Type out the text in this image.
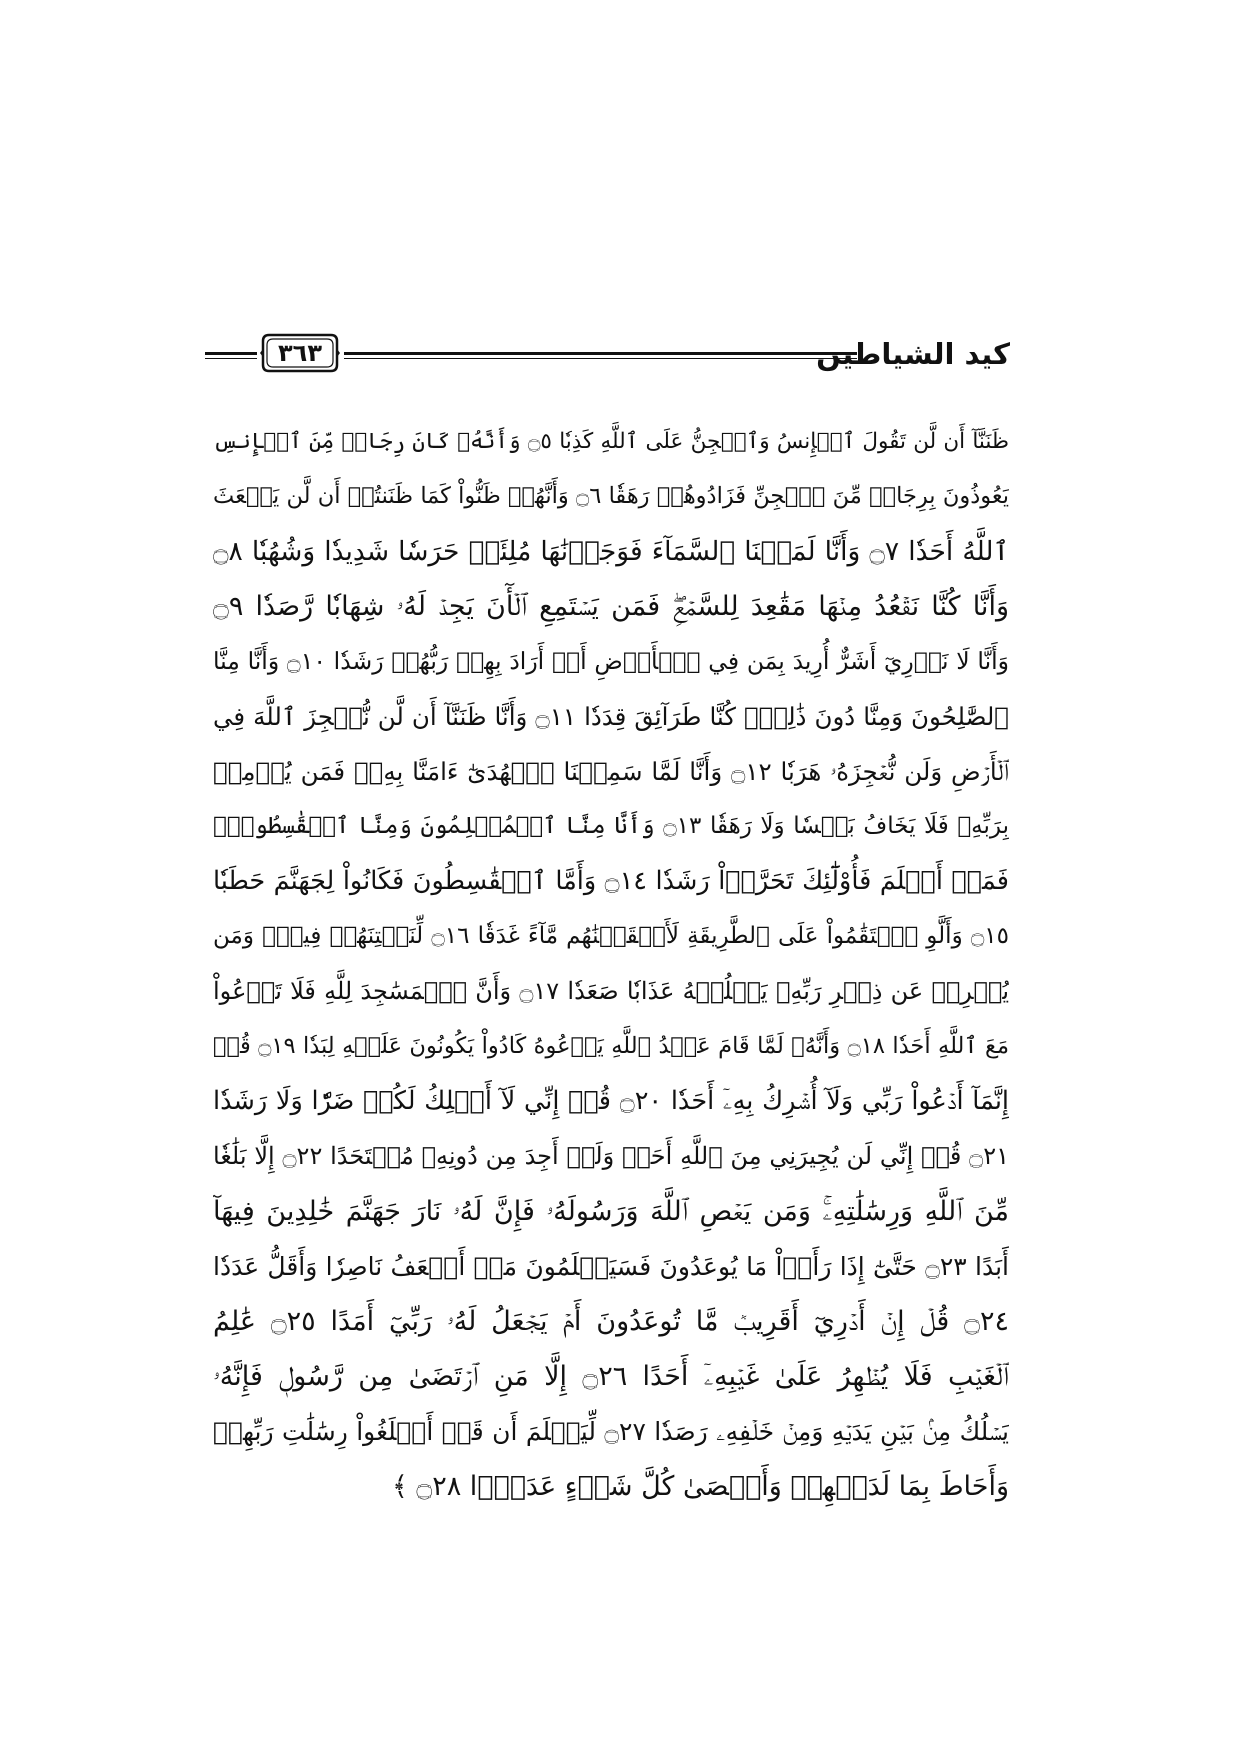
٣٦٣	كيد الشياطين
ظَنَنَّآ أَن لَّن تَقُولَ ٱلۡإِنسُ وَٱلۡجِنُّ عَلَى ٱللَّهِ كَذِبٗا ۝٥ وَأَنَّهُۥ كَانَ رِجَالٞ مِّنَ ٱلۡإِنسِ
يَعُوذُونَ بِرِجَالٖ مِّنَ ٱلۡجِنِّ فَزَادُوهُمۡ رَهَقٗا ۝٦ وَأَنَّهُمۡ ظَنُّواْ كَمَا ظَنَنتُمۡ أَن لَّن يَبۡعَثَ
ٱللَّهُ أَحَدٗا ۝٧ وَأَنَّا لَمَسۡنَا ٱلسَّمَآءَ فَوَجَدۡنَٰهَا مُلِئَتۡ حَرَسٗا شَدِيدٗا وَشُهُبٗا ۝٨
وَأَنَّا كُنَّا نَقۡعُدُ مِنۡهَا مَقَٰعِدَ لِلسَّمۡعِۖ فَمَن يَسۡتَمِعِ ٱلۡأٓنَ يَجِدۡ لَهُۥ شِهَابٗا رَّصَدٗا ۝٩
وَأَنَّا لَا نَدۡرِيٓ أَشَرٌّ أُرِيدَ بِمَن فِي ٱلۡأَرۡضِ أَمۡ أَرَادَ بِهِمۡ رَبُّهُمۡ رَشَدٗا ۝١٠ وَأَنَّا مِنَّا
ٱلصَّٰلِحُونَ وَمِنَّا دُونَ ذَٰلِكَۖ كُنَّا طَرَآئِقَ قِدَدٗا ۝١١ وَأَنَّا ظَنَنَّآ أَن لَّن نُّعۡجِزَ ٱللَّهَ فِي
ٱلۡأَرۡضِ وَلَن نُّعۡجِزَهُۥ هَرَبٗا ۝١٢ وَأَنَّا لَمَّا سَمِعۡنَا ٱلۡهُدَىٰٓ ءَامَنَّا بِهِۦۖ فَمَن يُؤۡمِنۢ
بِرَبِّهِۦ فَلَا يَخَافُ بَخۡسٗا وَلَا رَهَقٗا ۝١٣ وَأَنَّا مِنَّا ٱلۡمُسۡلِمُونَ وَمِنَّا ٱلۡقَٰسِطُونَۖ
فَمَنۡ أَسۡلَمَ فَأُوْلَٰٓئِكَ تَحَرَّوۡاْ رَشَدٗا ۝١٤ وَأَمَّا ٱلۡقَٰسِطُونَ فَكَانُواْ لِجَهَنَّمَ حَطَبٗا
۝١٥ وَأَلَّوِ ٱسۡتَقَٰمُواْ عَلَى ٱلطَّرِيقَةِ لَأَسۡقَيۡنَٰهُم مَّآءً غَدَقٗا ۝١٦ لِّنَفۡتِنَهُمۡ فِيهِۚ وَمَن
يُعۡرِضۡ عَن ذِكۡرِ رَبِّهِۦ يَسۡلُكۡهُ عَذَابٗا صَعَدٗا ۝١٧ وَأَنَّ ٱلۡمَسَٰجِدَ لِلَّهِ فَلَا تَدۡعُواْ
مَعَ ٱللَّهِ أَحَدٗا ۝١٨ وَأَنَّهُۥ لَمَّا قَامَ عَبۡدُ ٱللَّهِ يَدۡعُوهُ كَادُواْ يَكُونُونَ عَلَيۡهِ لِبَدٗا ۝١٩ قُلۡ
إِنَّمَآ أَدۡعُواْ رَبِّي وَلَآ أُشۡرِكُ بِهِۦٓ أَحَدٗا ۝٢٠ قُلۡ إِنِّي لَآ أَمۡلِكُ لَكُمۡ ضَرّٗا وَلَا رَشَدٗا
۝٢١ قُلۡ إِنِّي لَن يُجِيرَنِي مِنَ ٱللَّهِ أَحَدٞ وَلَنۡ أَجِدَ مِن دُونِهِۦ مُلۡتَحَدًا ۝٢٢ إِلَّا بَلَٰغٗا
مِّنَ ٱللَّهِ وَرِسَٰلَٰتِهِۦۚ وَمَن يَعۡصِ ٱللَّهَ وَرَسُولَهُۥ فَإِنَّ لَهُۥ نَارَ جَهَنَّمَ خَٰلِدِينَ فِيهَآ
أَبَدًا ۝٢٣ حَتَّىٰٓ إِذَا رَأَوۡاْ مَا يُوعَدُونَ فَسَيَعۡلَمُونَ مَنۡ أَضۡعَفُ نَاصِرٗا وَأَقَلُّ عَدَدٗا
۝٢٤ قُلۡ إِنۡ أَدۡرِيٓ أَقَرِيبٞ مَّا تُوعَدُونَ أَمۡ يَجۡعَلُ لَهُۥ رَبِّيٓ أَمَدًا ۝٢٥ عَٰلِمُ
ٱلۡغَيۡبِ فَلَا يُظۡهِرُ عَلَىٰ غَيۡبِهِۦٓ أَحَدًا ۝٢٦ إِلَّا مَنِ ٱرۡتَضَىٰ مِن رَّسُولٖ فَإِنَّهُۥ
يَسۡلُكُ مِنۢ بَيۡنِ يَدَيۡهِ وَمِنۡ خَلۡفِهِۦ رَصَدٗا ۝٢٧ لِّيَعۡلَمَ أَن قَدۡ أَبۡلَغُواْ رِسَٰلَٰتِ رَبِّهِمۡ
وَأَحَاطَ بِمَا لَدَيۡهِمۡ وَأَحۡصَىٰ كُلَّ شَيۡءٍ عَدَدَۢا ۝٢٨ ﴾
